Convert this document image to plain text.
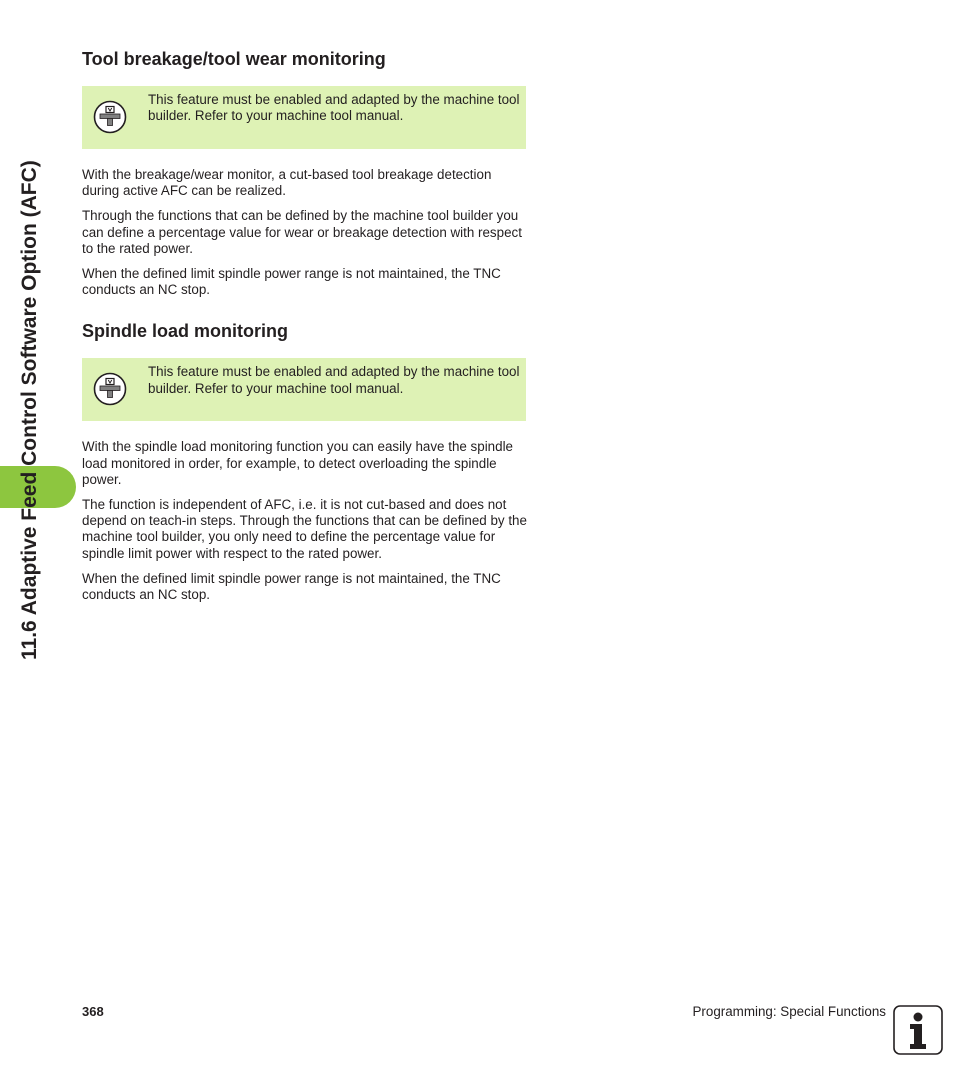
11.6 Adaptive Feed Control Software Option (AFC)
Tool breakage/tool wear monitoring
This feature must be enabled and adapted by the machine tool builder. Refer to your machine tool manual.

With the breakage/wear monitor, a cut-based tool breakage detection during active AFC can be realized.

Through the functions that can be defined by the machine tool builder you can define a percentage value for wear or breakage detection with respect to the rated power.

When the defined limit spindle power range is not maintained, the TNC conducts an NC stop.

Spindle load monitoring
This feature must be enabled and adapted by the machine tool builder. Refer to your machine tool manual.

With the spindle load monitoring function you can easily have the spindle load monitored in order, for example, to detect overloading the spindle power.

The function is independent of AFC, i.e. it is not cut-based and does not depend on teach-in steps. Through the functions that can be defined by the machine tool builder, you only need to define the percentage value for spindle limit power with respect to the rated power.

When the defined limit spindle power range is not maintained, the TNC conducts an NC stop.

368	Programming: Special Functions
